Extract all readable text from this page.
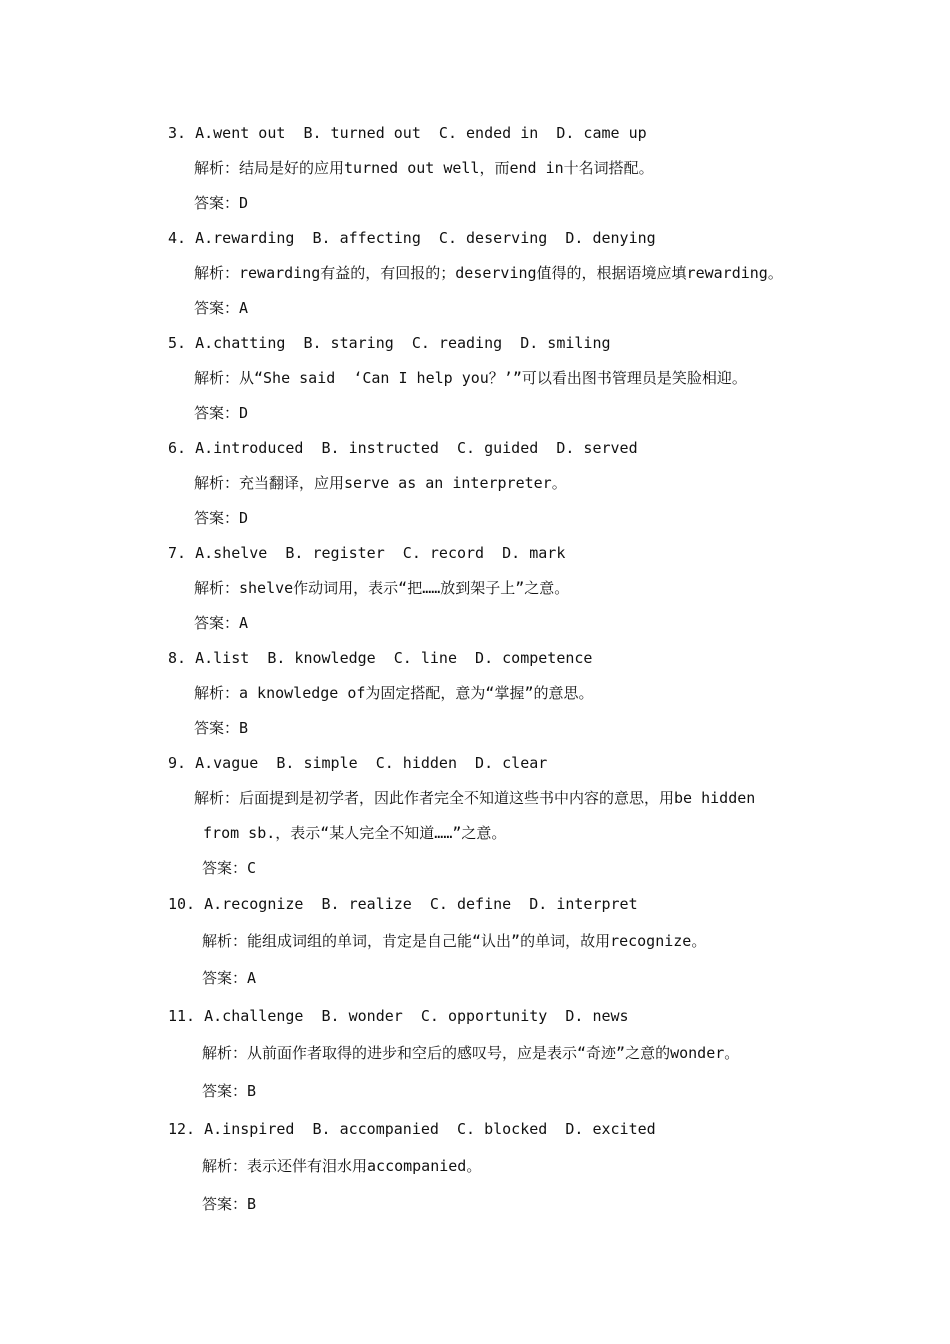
3. A.went out  B. turned out  C. ended in  D. came up
解析：结局是好的应用turned out well，而end in十名词搭配。
答案：D
4. A.rewarding  B. affecting  C. deserving  D. denying
解析：rewarding有益的，有回报的；deserving值得的，根据语境应填rewarding。
答案：A
5. A.chatting  B. staring  C. reading  D. smiling
解析：从“She said  ‘Can I help you？’”可以看出图书管理员是笑脸相迎。
答案：D
6. A.introduced  B. instructed  C. guided  D. served
解析：充当翻译，应用serve as an interpreter。
答案：D
7. A.shelve  B. register  C. record  D. mark
解析：shelve作动词用，表示“把……放到架子上”之意。
答案：A
8. A.list  B. knowledge  C. line  D. competence
解析：a knowledge of为固定搭配，意为“掌握”的意思。
答案：B
9. A.vague  B. simple  C. hidden  D. clear
解析：后面提到是初学者，因此作者完全不知道这些书中内容的意思，用be hidden
from sb.，表示“某人完全不知道……”之意。
答案：C
10. A.recognize  B. realize  C. define  D. interpret
解析：能组成词组的单词，肯定是自己能“认出”的单词，故用recognize。
答案：A
11. A.challenge  B. wonder  C. opportunity  D. news
解析：从前面作者取得的进步和空后的感叹号，应是表示“奇迹”之意的wonder。
答案：B
12. A.inspired  B. accompanied  C. blocked  D. excited
解析：表示还伴有泪水用accompanied。
答案：B
